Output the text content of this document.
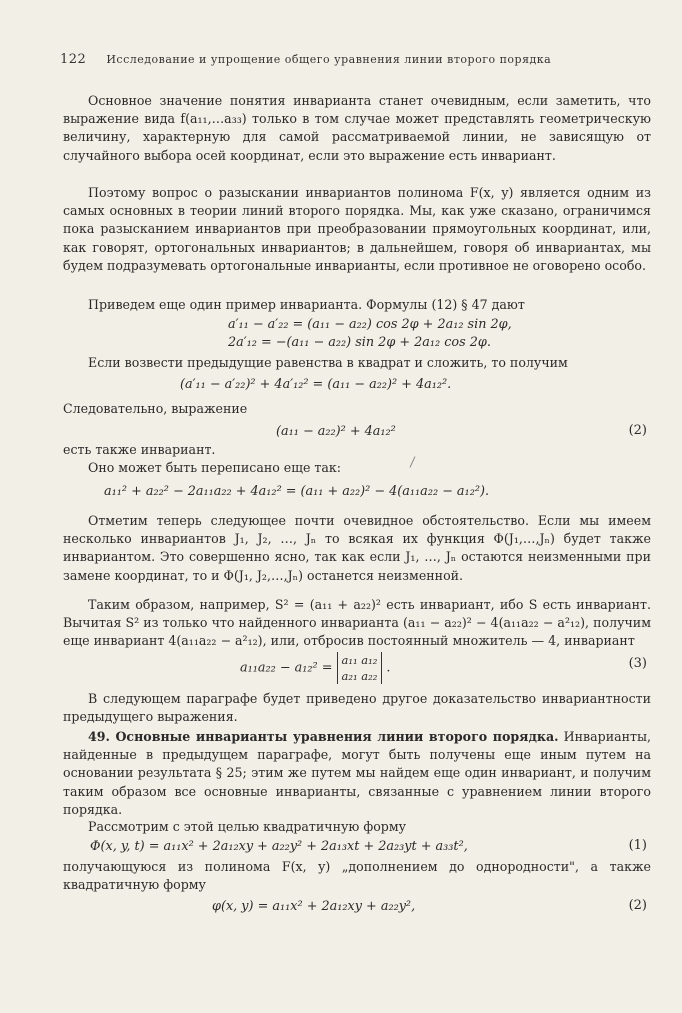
122 Исследование и упрощение общего уравнения линии второго порядка

Основное значение понятия инварианта станет очевидным, если заметить, что выражение вида f(a₁₁,…a₃₃) только в том случае может представлять геометрическую величину, характерную для самой рассматриваемой линии, не зависящую от случайного выбора осей координат, если это выражение есть инвариант.

Поэтому вопрос о разыскании инвариантов полинома F(x, y) является одним из самых основных в теории линий второго порядка. Мы, как уже сказано, ограничимся пока разысканием инвариантов при преобразовании прямоугольных координат, или, как говорят, ортогональных инвариантов; в дальнейшем, говоря об инвариантах, мы будем подразумевать ортогональные инварианты, если противное не оговорено особо.

Приведем еще один пример инварианта. Формулы (12) § 47 дают

a′₁₁ − a′₂₂ = (a₁₁ − a₂₂) cos 2φ + 2a₁₂ sin 2φ,
2a′₁₂ = −(a₁₁ − a₂₂) sin 2φ + 2a₁₂ cos 2φ.

Если возвести предыдущие равенства в квадрат и сложить, то получим

(a′₁₁ − a′₂₂)² + 4a′₁₂² = (a₁₁ − a₂₂)² + 4a₁₂².

Следовательно, выражение

(a₁₁ − a₂₂)² + 4a₁₂²	(2)

есть также инвариант.

Оно может быть переписано еще так:

a₁₁² + a₂₂² − 2a₁₁a₂₂ + 4a₁₂² = (a₁₁ + a₂₂)² − 4(a₁₁a₂₂ − a₁₂²).

Отметим теперь следующее почти очевидное обстоятельство. Если мы имеем несколько инвариантов J₁, J₂, …, Jₙ то всякая их функция Φ(J₁,…,Jₙ) будет также инвариантом. Это совершенно ясно, так как если J₁, …, Jₙ остаются неизменными при замене координат, то и Φ(J₁, J₂,…,Jₙ) останется неизменной.

Таким образом, например, S² = (a₁₁ + a₂₂)² есть инвариант, ибо S есть инвариант. Вычитая S² из только что найденного инварианта (a₁₁ − a₂₂)² − 4(a₁₁a₂₂ − a²₁₂), получим еще инвариант 4(a₁₁a₂₂ − a²₁₂), или, отбросив постоянный множитель — 4, инвариант

a₁₁a₂₂ − a₁₂² =
a₁₁ a₁₂
a₂₁ a₂₂
.	(3)

В следующем параграфе будет приведено другое доказательство инвариантности предыдущего выражения.

49. Основные инварианты уравнения линии второго порядка. Инварианты, найденные в предыдущем параграфе, могут быть получены еще иным путем на основании результата § 25; этим же путем мы найдем еще один инвариант, и получим таким образом все основные инварианты, связанные с уравнением линии второго порядка.

Рассмотрим с этой целью квадратичную форму

Φ(x, y, t) = a₁₁x² + 2a₁₂xy + a₂₂y² + 2a₁₃xt + 2a₂₃yt + a₃₃t²,	(1)

получающуюся из полинома F(x, y) „дополнением до однородности", а также квадратичную форму

φ(x, y) = a₁₁x² + 2a₁₂xy + a₂₂y²,	(2)
